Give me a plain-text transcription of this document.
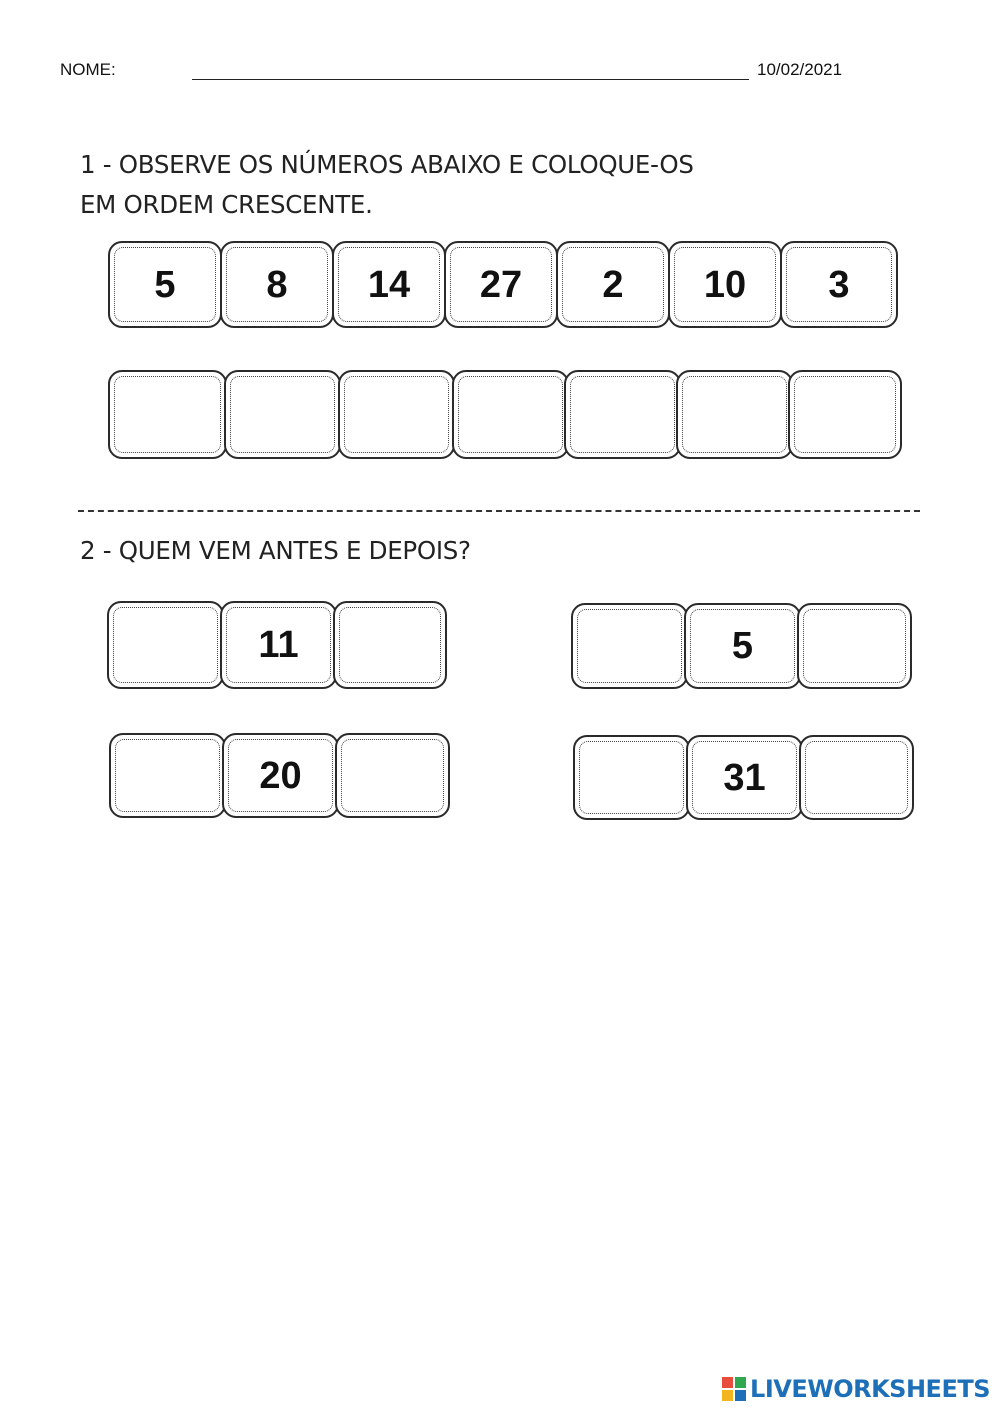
NOME:	10/02/2021
1 - OBSERVE OS NÚMEROS ABAIXO E COLOQUE-OS
EM ORDEM CRESCENTE.
5	8	14	27	2	10	3
2 - QUEM VEM ANTES E DEPOIS?
11	5
20	31
LIVEWORKSHEETS
